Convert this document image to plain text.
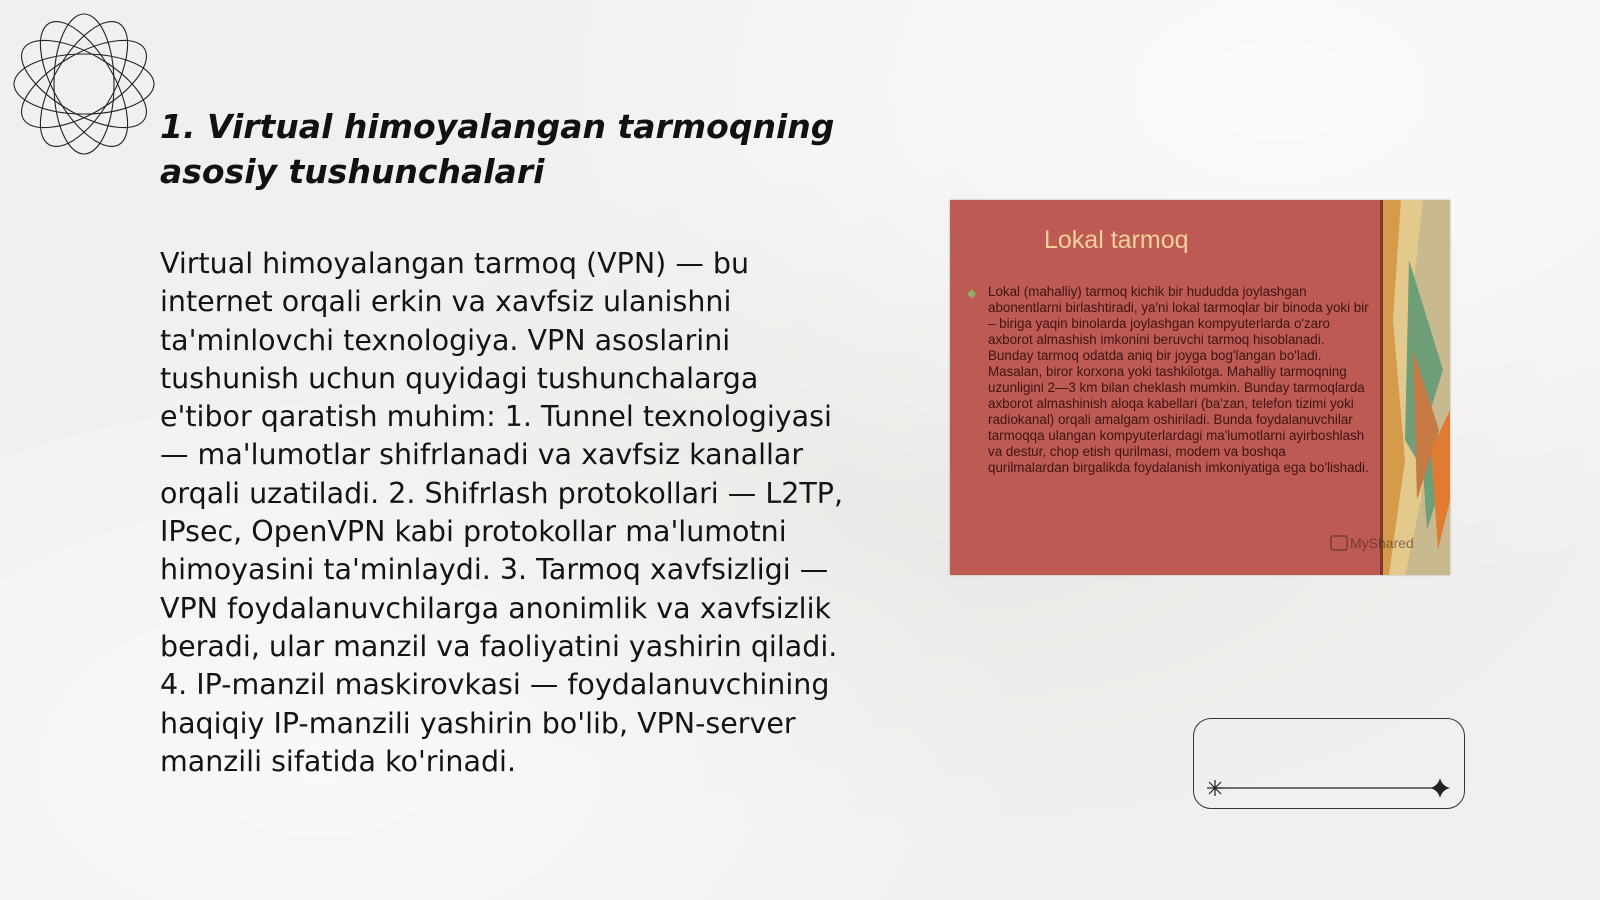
1. Virtual himoyalangan tarmoqning asosiy tushunchalari

Virtual himoyalangan tarmoq (VPN) — bu internet orqali erkin va xavfsiz ulanishni ta'minlovchi texnologiya. VPN asoslarini tushunish uchun quyidagi tushunchalarga e'tibor qaratish muhim: 1. Tunnel texnologiyasi — ma'lumotlar shifrlanadi va xavfsiz kanallar orqali uzatiladi. 2. Shifrlash protokollari — L2TP, IPsec, OpenVPN kabi protokollar ma'lumotni himoyasini ta'minlaydi. 3. Tarmoq xavfsizligi — VPN foydalanuvchilarga anonimlik va xavfsizlik beradi, ular manzil va faoliyatini yashirin qiladi. 4. IP-manzil maskirovkasi — foydalanuvchining haqiqiy IP-manzili yashirin bo'lib, VPN-server manzili sifatida ko'rinadi.

Lokal tarmoq
◆ Lokal (mahalliy) tarmoq kichik bir hududda joylashgan abonentlarni birlashtiradi, ya'ni lokal tarmoqlar bir binoda yoki bir – biriga yaqin binolarda joylashgan kompyuterlarda o'zaro axborot almashish imkonini beruvchi tarmoq hisoblanadi. Bunday tarmoq odatda aniq bir joyga bog'langan bo'ladi. Masalan, biror korxona yoki tashkilotga. Mahalliy tarmoqning uzunligini 2—3 km bilan cheklash mumkin. Bunday tarmoqlarda axborot almashinish aloqa kabellari (ba'zan, telefon tizimi yoki radiokanal) orqali amalgam oshiriladi. Bunda foydalanuvchilar tarmoqqa ulangan kompyuterlardagi ma'lumotlarni ayirboshlash va destur, chop etish qurilmasi, modem va boshqa qurilmalardan birgalikda foydalanish imkoniyatiga ega bo'lishadi.

MyShared
